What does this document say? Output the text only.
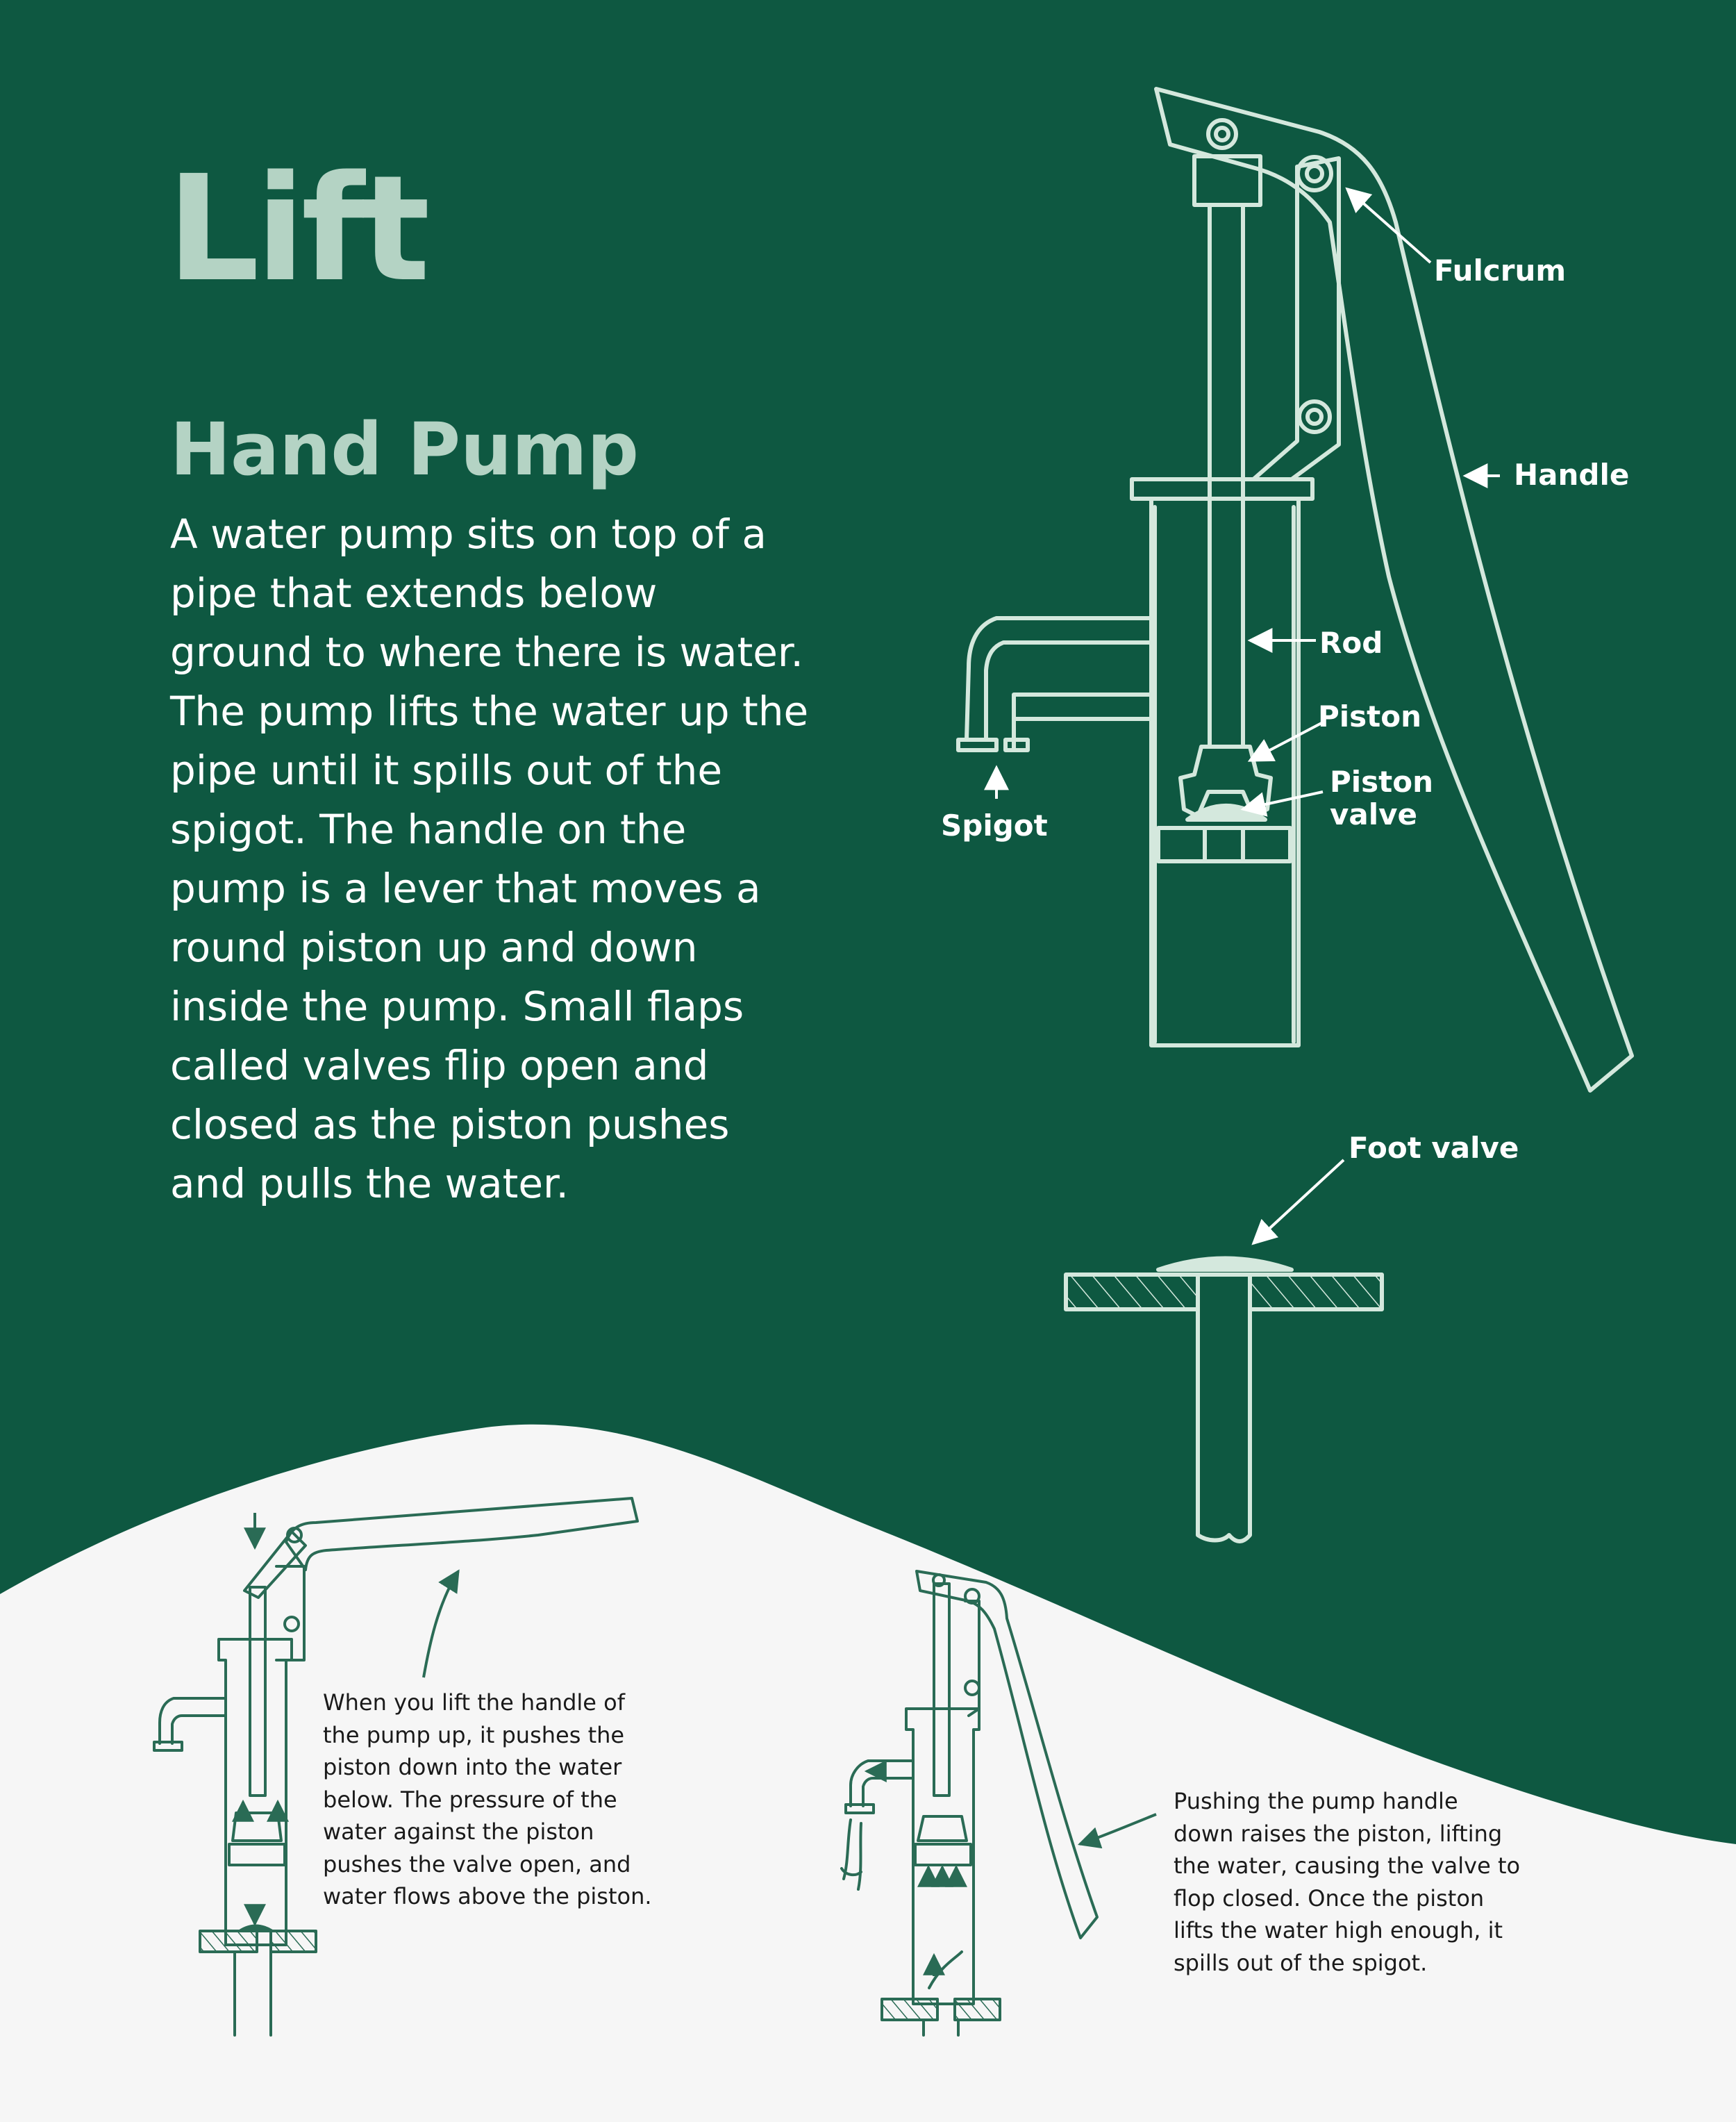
Fulcrum
Handle
Rod
Piston
Piston
valve
Spigot
Foot valve
Lift
Hand Pump

A water pump sits on top of a pipe that extends below ground to where there is water. The pump lifts the water up the pipe until it spills out of the spigot. The handle on the pump is a lever that moves a round piston up and down inside the pump. Small flaps called valves flip open and closed as the piston pushes and pulls the water.

When you lift the handle of the pump up, it pushes the piston down into the water below. The pressure of the water against the piston pushes the valve open, and water flows above the piston.

Pushing the pump handle down raises the piston, lifting the water, causing the valve to flop closed. Once the piston lifts the water high enough, it spills out of the spigot.
